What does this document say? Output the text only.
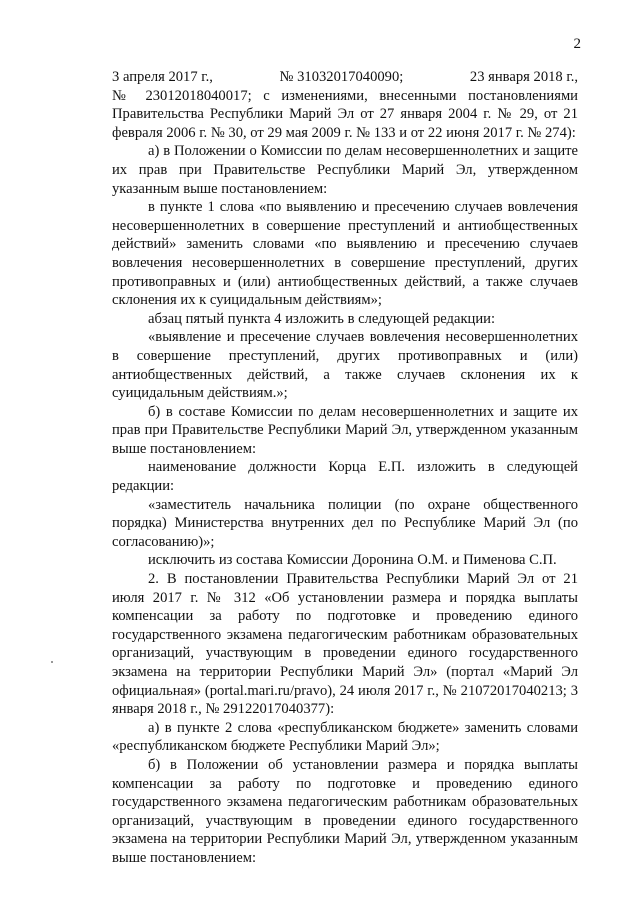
2
3 апреля 2017 г.,	№ 31032017040090;	23 января 2018 г.,

№ 23012018040017; с изменениями, внесенными постановлениями Правительства Республики Марий Эл от 27 января 2004 г. № 29, от 21 февраля 2006 г. № 30, от 29 мая 2009 г. № 133 и от 22 июня 2017 г. № 274):

а) в Положении о Комиссии по делам несовершеннолетних и защите их прав при Правительстве Республики Марий Эл, утвержденном указанным выше постановлением:

в пункте 1 слова «по выявлению и пресечению случаев вовлечения несовершеннолетних в совершение преступлений и антиобщественных действий» заменить словами «по выявлению и пресечению случаев вовлечения несовершеннолетних в совершение преступлений, других противоправных и (или) антиобщественных действий, а также случаев склонения их к суицидальным действиям»;

абзац пятый пункта 4 изложить в следующей редакции:

«выявление и пресечение случаев вовлечения несовершеннолетних в совершение преступлений, других противоправных и (или) антиобщественных действий, а также случаев склонения их к суицидальным действиям.»;

б) в составе Комиссии по делам несовершеннолетних и защите их прав при Правительстве Республики Марий Эл, утвержденном указанным выше постановлением:

наименование должности Корца Е.П. изложить в следующей редакции:

«заместитель начальника полиции (по охране общественного порядка) Министерства внутренних дел по Республике Марий Эл (по согласованию)»;

исключить из состава Комиссии Доронина О.М. и Пименова С.П.

2. В постановлении Правительства Республики Марий Эл от 21 июля 2017 г. № 312 «Об установлении размера и порядка выплаты компенсации за работу по подготовке и проведению единого государственного экзамена педагогическим работникам образовательных организаций, участвующим в проведении единого государственного экзамена на территории Республики Марий Эл» (портал «Марий Эл официальная» (portal.mari.ru/pravo), 24 июля 2017 г., № 21072017040213; 3 января 2018 г., № 29122017040377):

а) в пункте 2 слова «республиканском бюджете» заменить словами «республиканском бюджете Республики Марий Эл»;

б) в Положении об установлении размера и порядка выплаты компенсации за работу по подготовке и проведению единого государственного экзамена педагогическим работникам образовательных организаций, участвующим в проведении единого государственного экзамена на территории Республики Марий Эл, утвержденном указанным выше постановлением:
